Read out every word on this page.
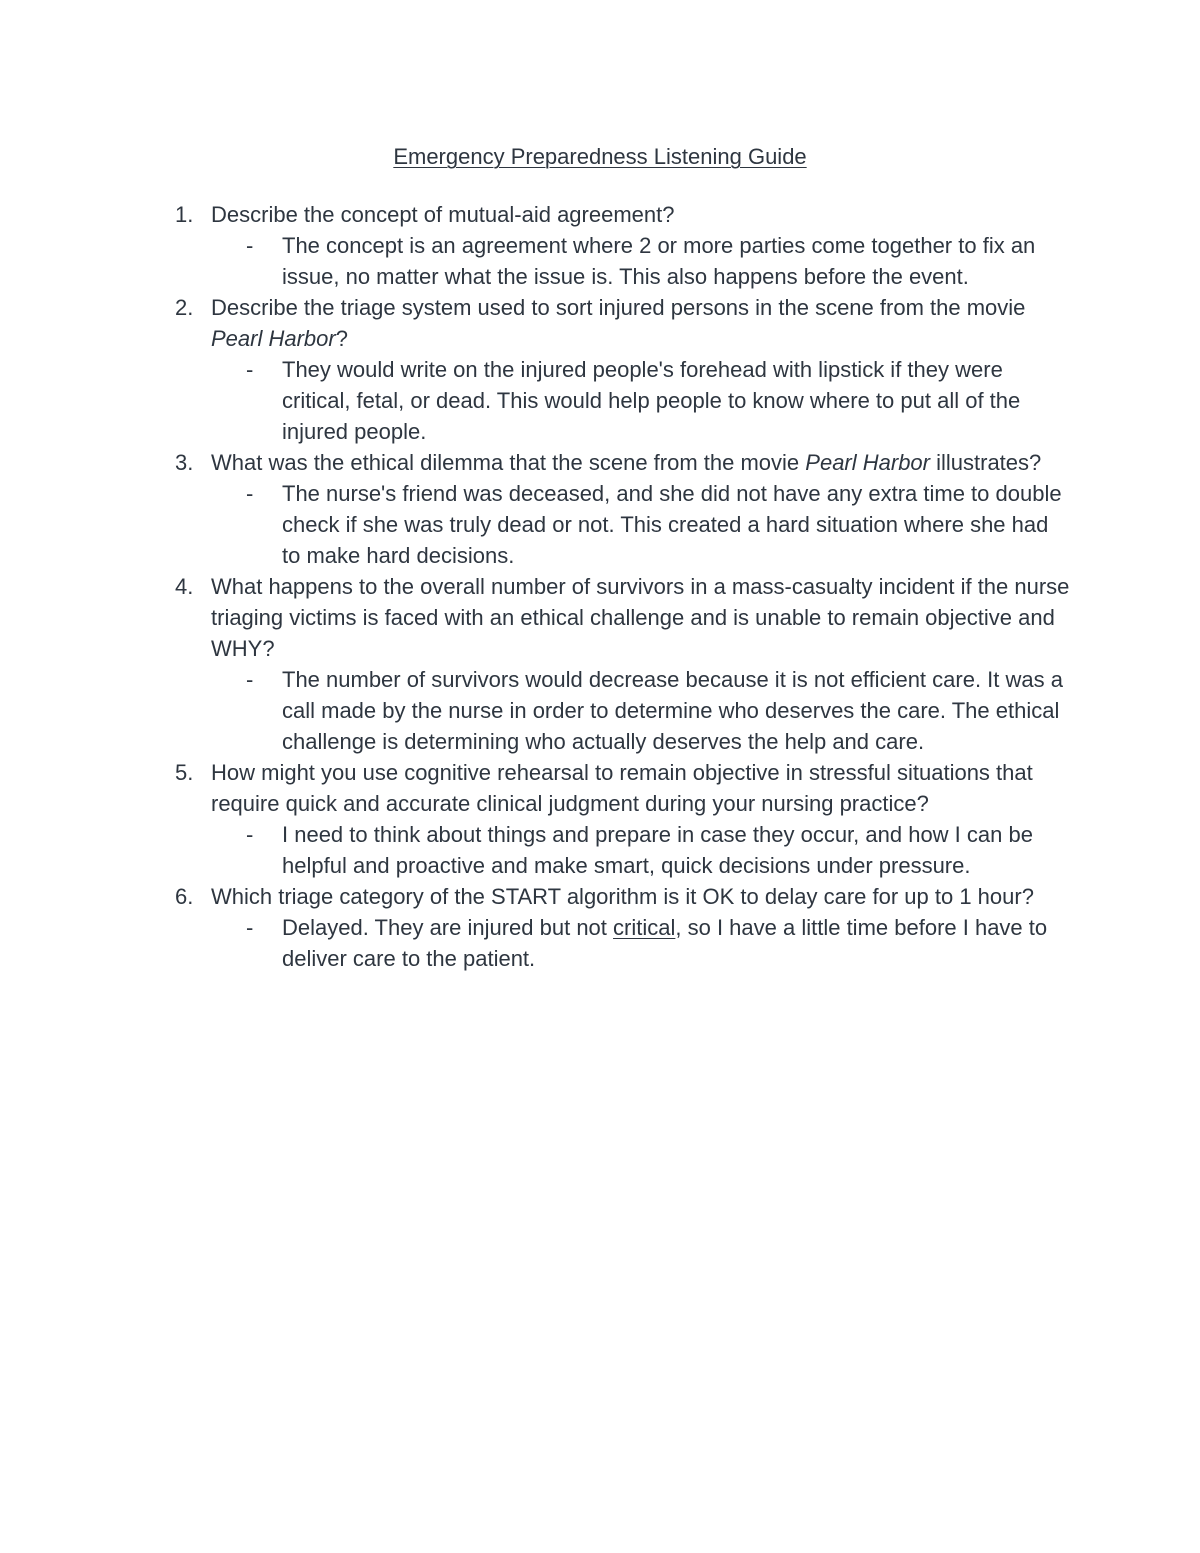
Emergency Preparedness Listening Guide
1. Describe the concept of mutual-aid agreement?
- The concept is an agreement where 2 or more parties come together to fix an issue, no matter what the issue is. This also happens before the event.
2. Describe the triage system used to sort injured persons in the scene from the movie Pearl Harbor?
- They would write on the injured people's forehead with lipstick if they were critical, fetal, or dead. This would help people to know where to put all of the injured people.
3. What was the ethical dilemma that the scene from the movie Pearl Harbor illustrates?
- The nurse's friend was deceased, and she did not have any extra time to double check if she was truly dead or not. This created a hard situation where she had to make hard decisions.
4. What happens to the overall number of survivors in a mass-casualty incident if the nurse triaging victims is faced with an ethical challenge and is unable to remain objective and WHY?
- The number of survivors would decrease because it is not efficient care. It was a call made by the nurse in order to determine who deserves the care. The ethical challenge is determining who actually deserves the help and care.
5. How might you use cognitive rehearsal to remain objective in stressful situations that require quick and accurate clinical judgment during your nursing practice?
- I need to think about things and prepare in case they occur, and how I can be helpful and proactive and make smart, quick decisions under pressure.
6. Which triage category of the START algorithm is it OK to delay care for up to 1 hour?
- Delayed. They are injured but not critical, so I have a little time before I have to deliver care to the patient.
